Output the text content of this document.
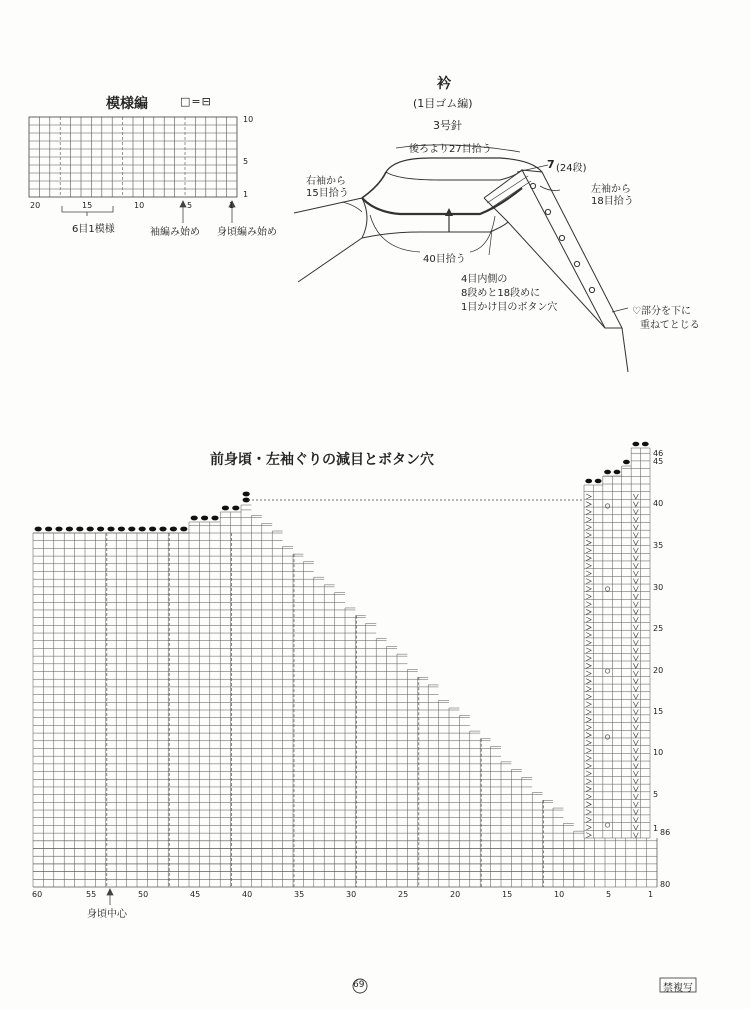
模様編	□=⊟
10
5
1
20	15	10	5	1
6目1模様	袖編み始め 身頃編み始め
衿
(1目ゴム編)
3号針
後ろより27目拾う
右袖から
15目拾う	左袖から
18目拾う
7 (24段)
40目拾う
4目内側の
8段めと18段めに
1目かけ目のボタン穴	♡部分を下に
重ねてとじる
前身頃・左袖ぐりの減目とボタン穴
60	55	50	45	40	35	30	25	20	15	10	5	1
46
45
40
35
30
25
20
15
10
5
1 86
80
身頃中心
69	禁複写
